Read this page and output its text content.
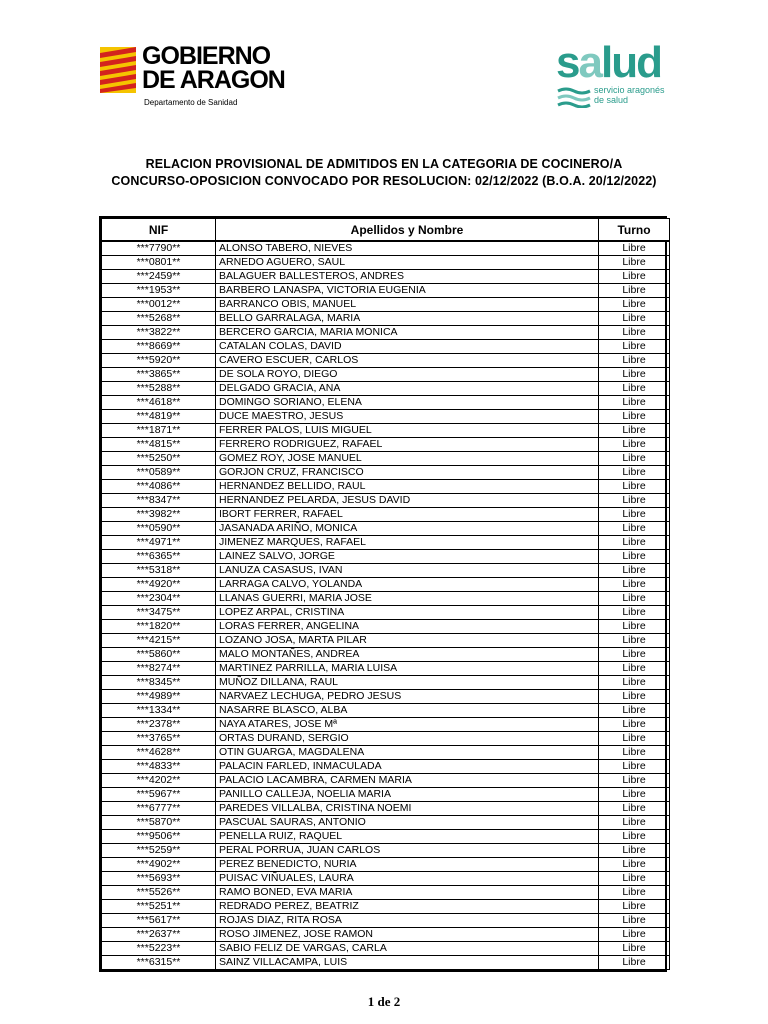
GOBIERNO
DE ARAGON
Departamento de Sanidad
salud
servicio aragonés
de salud
RELACION PROVISIONAL DE ADMITIDOS EN LA CATEGORIA DE COCINERO/A
CONCURSO-OPOSICION CONVOCADO POR RESOLUCION: 02/12/2022 (B.O.A. 20/12/2022)
NIF	Apellidos y Nombre	Turno
***7790**	ALONSO TABERO, NIEVES	Libre
***0801**	ARNEDO AGUERO, SAUL	Libre
***2459**	BALAGUER BALLESTEROS, ANDRES	Libre
***1953**	BARBERO LANASPA, VICTORIA EUGENIA	Libre
***0012**	BARRANCO OBIS, MANUEL	Libre
***5268**	BELLO GARRALAGA, MARIA	Libre
***3822**	BERCERO GARCIA, MARIA MONICA	Libre
***8669**	CATALAN COLAS, DAVID	Libre
***5920**	CAVERO ESCUER, CARLOS	Libre
***3865**	DE SOLA ROYO, DIEGO	Libre
***5288**	DELGADO GRACIA, ANA	Libre
***4618**	DOMINGO SORIANO, ELENA	Libre
***4819**	DUCE MAESTRO, JESUS	Libre
***1871**	FERRER PALOS, LUIS MIGUEL	Libre
***4815**	FERRERO RODRIGUEZ, RAFAEL	Libre
***5250**	GOMEZ ROY, JOSE MANUEL	Libre
***0589**	GORJON CRUZ, FRANCISCO	Libre
***4086**	HERNANDEZ BELLIDO, RAUL	Libre
***8347**	HERNANDEZ PELARDA, JESUS DAVID	Libre
***3982**	IBORT FERRER, RAFAEL	Libre
***0590**	JASANADA ARIÑO, MONICA	Libre
***4971**	JIMENEZ MARQUES, RAFAEL	Libre
***6365**	LAINEZ SALVO, JORGE	Libre
***5318**	LANUZA CASASUS, IVAN	Libre
***4920**	LARRAGA CALVO, YOLANDA	Libre
***2304**	LLANAS GUERRI, MARIA JOSE	Libre
***3475**	LOPEZ ARPAL, CRISTINA	Libre
***1820**	LORAS FERRER, ANGELINA	Libre
***4215**	LOZANO JOSA, MARTA PILAR	Libre
***5860**	MALO MONTAÑES, ANDREA	Libre
***8274**	MARTINEZ PARRILLA, MARIA LUISA	Libre
***8345**	MUÑOZ DILLANA, RAUL	Libre
***4989**	NARVAEZ LECHUGA, PEDRO JESUS	Libre
***1334**	NASARRE BLASCO, ALBA	Libre
***2378**	NAYA ATARES, JOSE Mª	Libre
***3765**	ORTAS DURAND, SERGIO	Libre
***4628**	OTIN GUARGA, MAGDALENA	Libre
***4833**	PALACIN FARLED, INMACULADA	Libre
***4202**	PALACIO LACAMBRA, CARMEN MARIA	Libre
***5967**	PANILLO CALLEJA, NOELIA MARIA	Libre
***6777**	PAREDES VILLALBA, CRISTINA NOEMI	Libre
***5870**	PASCUAL SAURAS, ANTONIO	Libre
***9506**	PENELLA RUIZ, RAQUEL	Libre
***5259**	PERAL PORRUA, JUAN CARLOS	Libre
***4902**	PEREZ BENEDICTO, NURIA	Libre
***5693**	PUISAC VIÑUALES, LAURA	Libre
***5526**	RAMO BONED, EVA MARIA	Libre
***5251**	REDRADO PEREZ, BEATRIZ	Libre
***5617**	ROJAS DIAZ, RITA ROSA	Libre
***2637**	ROSO JIMENEZ, JOSE RAMON	Libre
***5223**	SABIO FELIZ DE VARGAS, CARLA	Libre
***6315**	SAINZ VILLACAMPA, LUIS	Libre
1 de 2
